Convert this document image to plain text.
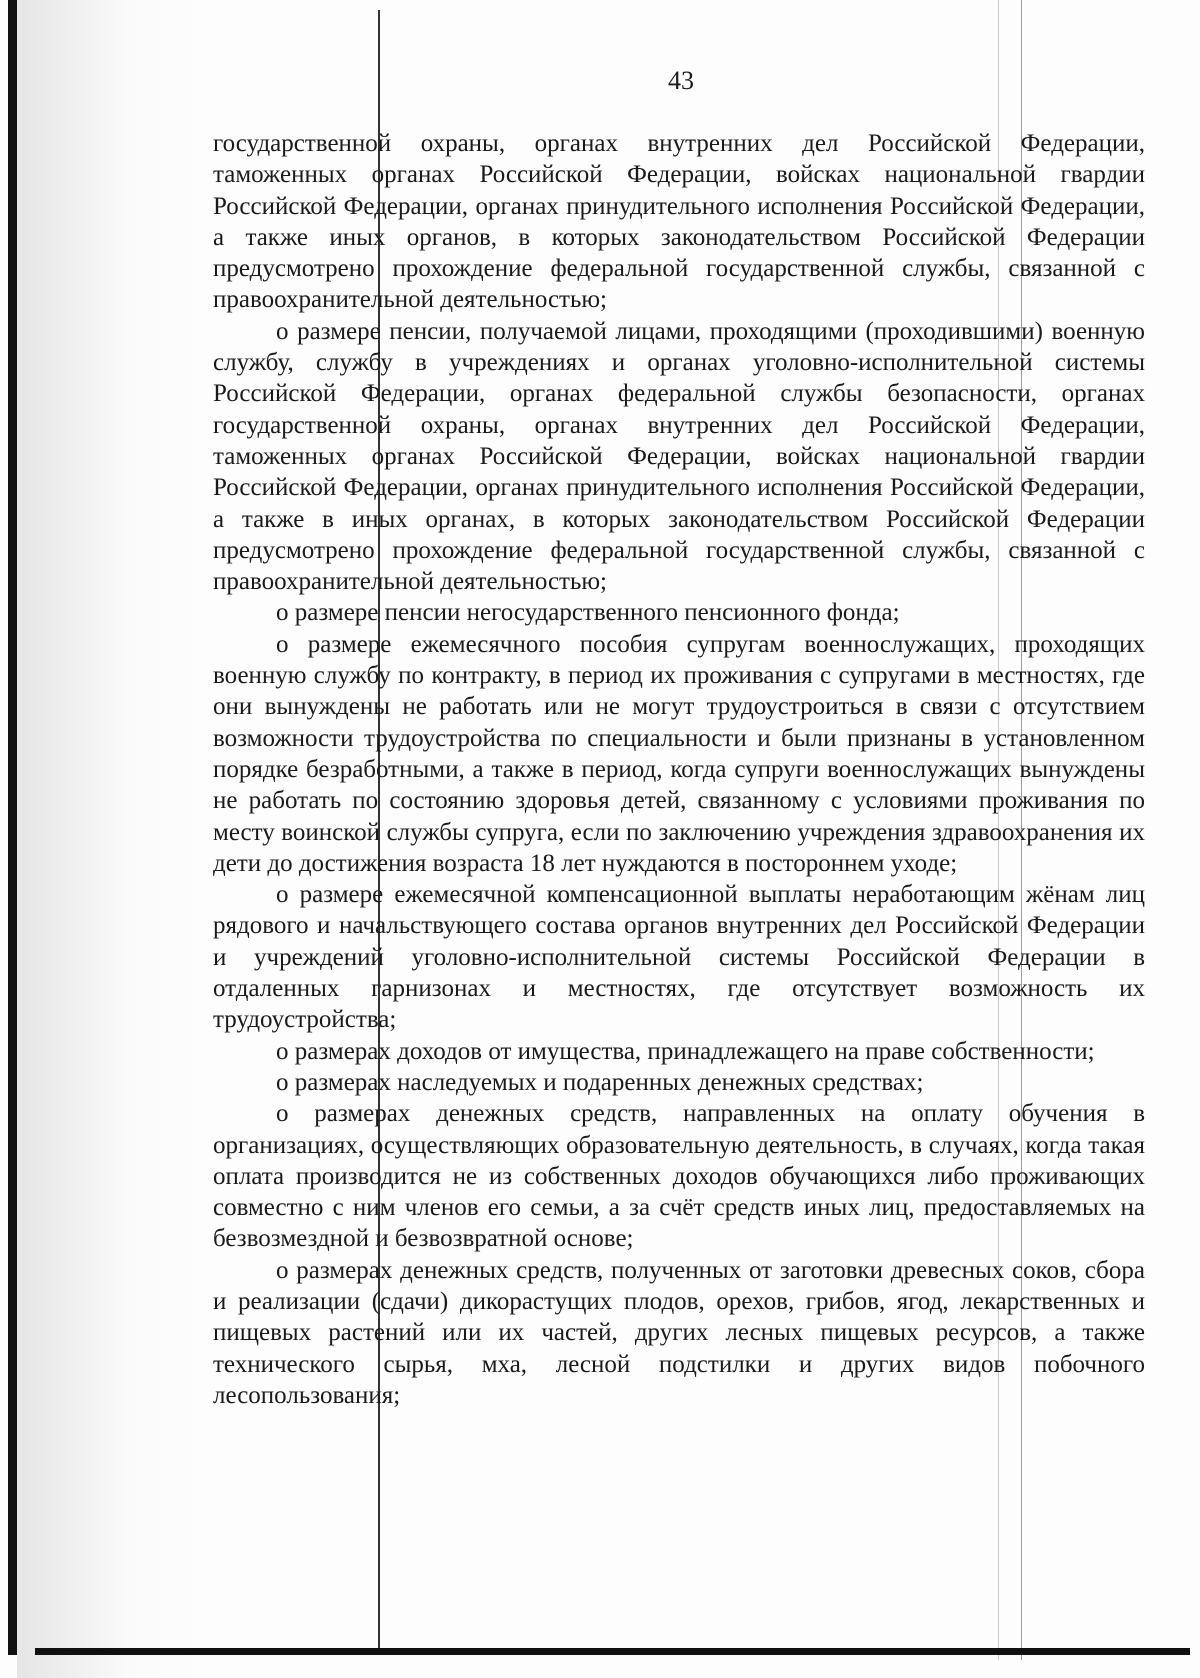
43

государственной охраны, органах внутренних дел Российской Федерации, таможенных органах Российской Федерации, войсках национальной гвардии Российской Федерации, органах принудительного исполнения Российской Федерации, а также иных органов, в которых законодательством Российской Федерации предусмотрено прохождение федеральной государственной службы, связанной с правоохранительной деятельностью;

о размере пенсии, получаемой лицами, проходящими (проходившими) военную службу, службу в учреждениях и органах уголовно-исполнительной системы Российской Федерации, органах федеральной службы безопасности, органах государственной охраны, органах внутренних дел Российской Федерации, таможенных органах Российской Федерации, войсках национальной гвардии Российской Федерации, органах принудительного исполнения Российской Федерации, а также в иных органах, в которых законодательством Российской Федерации предусмотрено прохождение федеральной государственной службы, связанной с правоохранительной деятельностью;

о размере пенсии негосударственного пенсионного фонда;

о размере ежемесячного пособия супругам военнослужащих, проходящих военную службу по контракту, в период их проживания с супругами в местностях, где они вынуждены не работать или не могут трудоустроиться в связи с отсутствием возможности трудоустройства по специальности и были признаны в установленном порядке безработными, а также в период, когда супруги военнослужащих вынуждены не работать по состоянию здоровья детей, связанному с условиями проживания по месту воинской службы супруга, если по заключению учреждения здравоохранения их дети до достижения возраста 18 лет нуждаются в постороннем уходе;

о размере ежемесячной компенсационной выплаты неработающим жёнам лиц рядового и начальствующего состава органов внутренних дел Российской Федерации и учреждений уголовно-исполнительной системы Российской Федерации в отдаленных гарнизонах и местностях, где отсутствует возможность их трудоустройства;

о размерах доходов от имущества, принадлежащего на праве собственности;

о размерах наследуемых и подаренных денежных средствах;

о размерах денежных средств, направленных на оплату обучения в организациях, осуществляющих образовательную деятельность, в случаях, когда такая оплата производится не из собственных доходов обучающихся либо проживающих совместно с ним членов его семьи, а за счёт средств иных лиц, предоставляемых на безвозмездной и безвозвратной основе;

о размерах денежных средств, полученных от заготовки древесных соков, сбора и реализации (сдачи) дикорастущих плодов, орехов, грибов, ягод, лекарственных и пищевых растений или их частей, других лесных пищевых ресурсов, а также технического сырья, мха, лесной подстилки и других видов побочного лесопользования;
